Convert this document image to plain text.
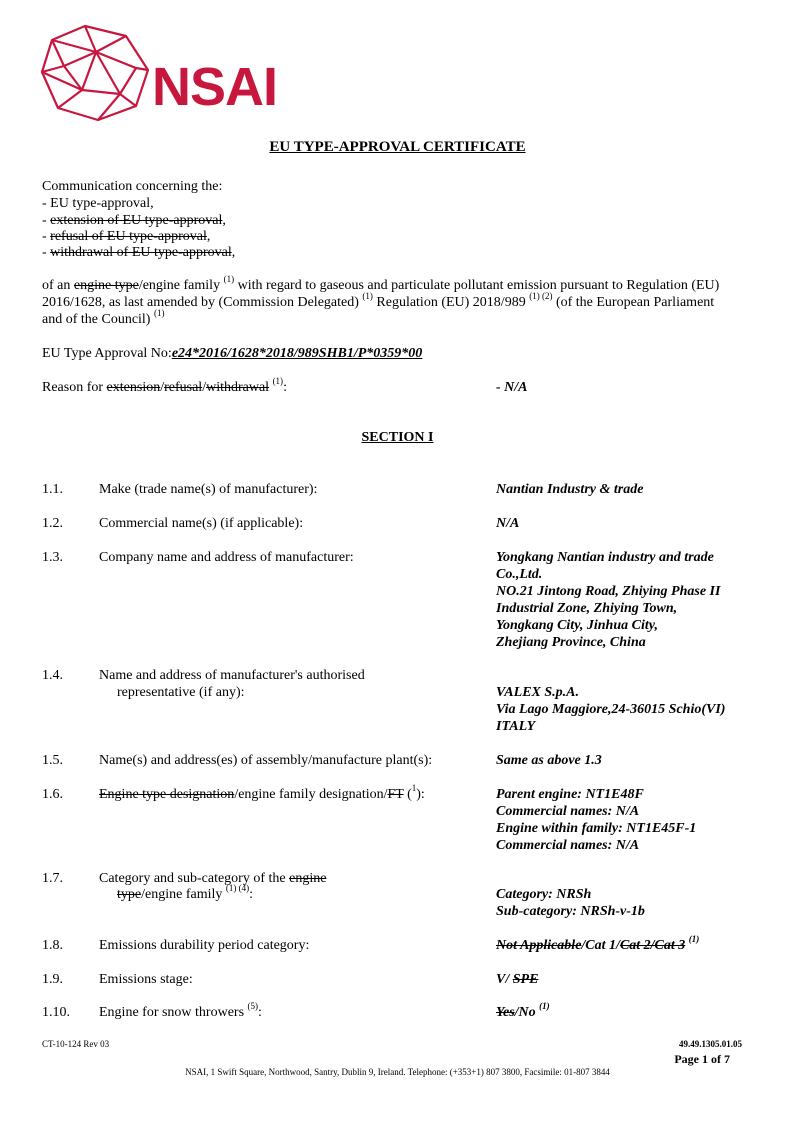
NSAI
EU TYPE-APPROVAL CERTIFICATE
Communication concerning the:
- EU type-approval,
- extension of EU type-approval,
- refusal of EU type-approval,
- withdrawal of EU type-approval,
of an engine type/engine family $^{(1)}$ with regard to gaseous and particulate pollutant emission pursuant to Regulation (EU)
2016/1628, as last amended by (Commission Delegated) $^{(1)}$ Regulation (EU) 2018/989 $^{(1) (2)}$ (of the European Parliament
and of the Council) $^{(1)}$
EU Type Approval No:e24*2016/1628*2018/989SHB1/P*0359*00
Reason for extension/refusal/withdrawal $^{(1)}$:	- N/A
SECTION I
1.1.	Make (trade name(s) of manufacturer):	Nantian Industry & trade
1.2.	Commercial name(s) (if applicable):	N/A
1.3.	Company name and address of manufacturer:	Yongkang Nantian industry and trade
Co.,Ltd.
NO.21 Jintong Road, Zhiying Phase II
Industrial Zone, Zhiying Town,
Yongkang City, Jinhua City,
Zhejiang Province, China
1.4.	Name and address of manufacturer's authorised
representative (if any):	VALEX S.p.A.
Via Lago Maggiore,24-36015 Schio(VI)
ITALY
1.5.	Name(s) and address(es) of assembly/manufacture plant(s):	Same as above 1.3
1.6.	Engine type designation/engine family designation/FT ($^1$):	Parent engine: NT1E48F
Commercial names: N/A
Engine within family: NT1E45F-1
Commercial names: N/A
1.7.	Category and sub-category of the engine
type/engine family $^{(1) (4)}$:	Category: NRSh
Sub-category: NRSh-v-1b
1.8.	Emissions durability period category:	Not Applicable/Cat 1/Cat 2/Cat 3 $^{(1)}$
1.9.	Emissions stage:	V/ SPE
1.10. Engine for snow throwers $^{(5)}$:	Yes/No $^{(1)}$
CT-10-124 Rev 03	49.49.1305.01.05
Page 1 of 7
NSAI, 1 Swift Square, Northwood, Santry, Dublin 9, Ireland. Telephone: (+353+1) 807 3800, Facsimile: 01-807 3844
